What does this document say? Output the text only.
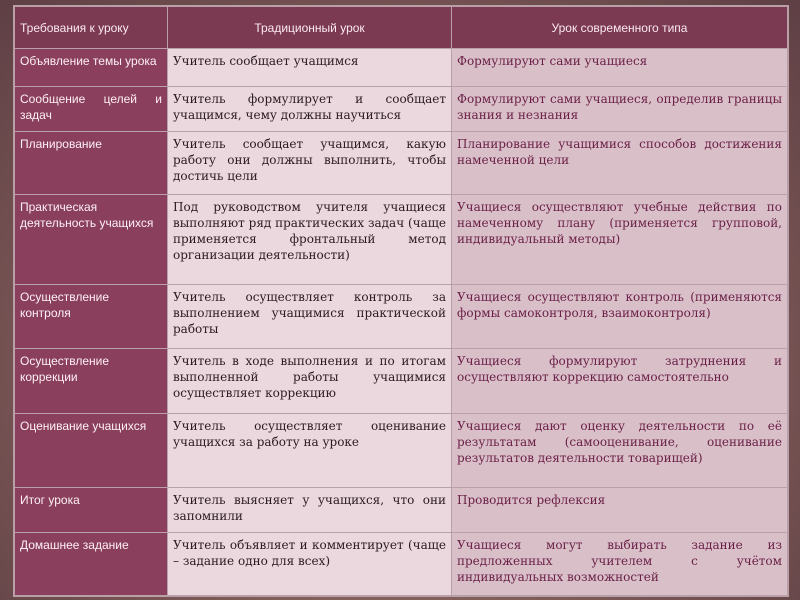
Требования к уроку	Традиционный урок	Урок современного типа
Объявление темы урока	Учитель сообщает учащимся	Формулируют сами учащиеся
Сообщение целей и задач	Учитель формулирует и сообщает учащимся, чему должны научиться	Формулируют сами учащиеся, определив границы знания и незнания
Планирование	Учитель сообщает учащимся, какую работу они должны выполнить, чтобы достичь цели	Планирование учащимися способов достижения намеченной цели
Практическая деятельность учащихся	Под руководством учителя учащиеся выполняют ряд практических задач (чаще применяется фронтальный метод организации деятельности)	Учащиеся осуществляют учебные действия по намеченному плану (применяется групповой, индивидуальный методы)
Осуществление контроля	Учитель осуществляет контроль за выполнением учащимися практической работы	Учащиеся осуществляют контроль (применяются формы самоконтроля, взаимоконтроля)
Осуществление коррекции	Учитель в ходе выполнения и по итогам выполненной работы учащимися осуществляет коррекцию	Учащиеся формулируют затруднения и осуществляют коррекцию самостоятельно
Оценивание учащихся	Учитель осуществляет оценивание учащихся за работу на уроке	Учащиеся дают оценку деятельности по её результатам (самооценивание, оценивание результатов деятельности товарищей)
Итог урока	Учитель выясняет у учащихся, что они запомнили	Проводится рефлексия
Домашнее задание	Учитель объявляет и комментирует (чаще – задание одно для всех)	Учащиеся могут выбирать задание из предложенных учителем с учётом индивидуальных возможностей
